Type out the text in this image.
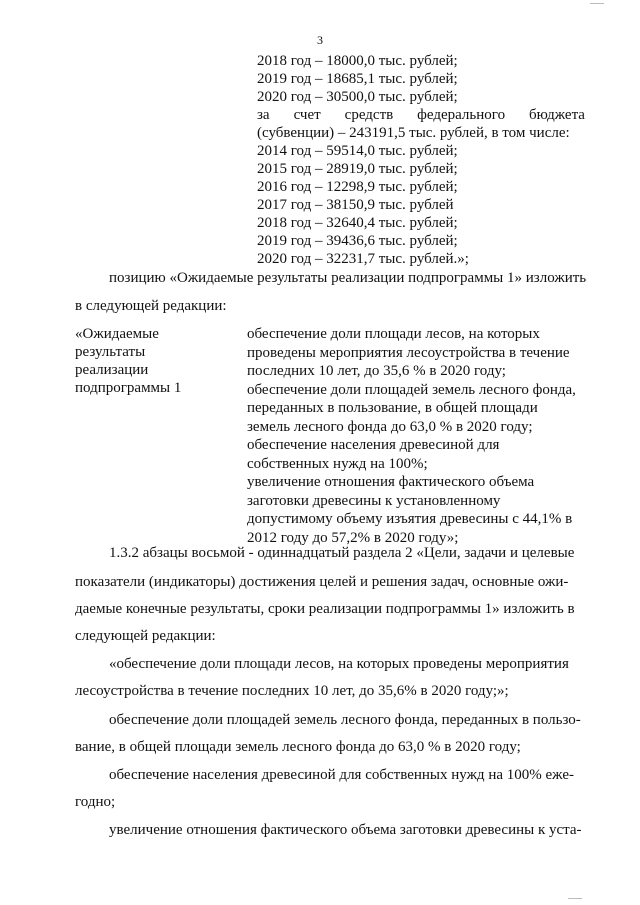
3
2018 год – 18000,0 тыс. рублей;
2019 год – 18685,1 тыс. рублей;
2020 год – 30500,0 тыс. рублей;
за счет средств федерального бюджета
(субвенции) – 243191,5 тыс. рублей, в том числе:
2014 год – 59514,0 тыс. рублей;
2015 год – 28919,0 тыс. рублей;
2016 год – 12298,9 тыс. рублей;
2017 год – 38150,9 тыс. рублей
2018 год – 32640,4 тыс. рублей;
2019 год – 39436,6 тыс. рублей;
2020 год – 32231,7 тыс. рублей.»;
позицию «Ожидаемые результаты реализации подпрограммы 1» изложить
в следующей редакции:
«Ожидаемые
результаты
реализации
подпрограммы 1
обеспечение доли площади лесов, на которых
проведены мероприятия лесоустройства в течение
последних 10 лет, до 35,6 % в 2020 году;
обеспечение доли площадей земель лесного фонда,
переданных в пользование, в общей площади
земель лесного фонда до 63,0 % в 2020 году;
обеспечение населения древесиной для
собственных нужд на 100%;
увеличение отношения фактического объема
заготовки древесины к установленному
допустимому объему изъятия древесины с 44,1% в
2012 году до 57,2% в 2020 году»;
1.3.2 абзацы восьмой - одиннадцатый раздела 2 «Цели, задачи и целевые
показатели (индикаторы) достижения целей и решения задач, основные ожи-
даемые конечные результаты, сроки реализации подпрограммы 1» изложить в
следующей редакции:
«обеспечение доли площади лесов, на которых проведены мероприятия
лесоустройства в течение последних 10 лет, до 35,6% в 2020 году;»;
обеспечение доли площадей земель лесного фонда, переданных в пользо-
вание, в общей площади земель лесного фонда до 63,0 % в 2020 году;
обеспечение населения древесиной для собственных нужд на 100% еже-
годно;
увеличение отношения фактического объема заготовки древесины к уста-
